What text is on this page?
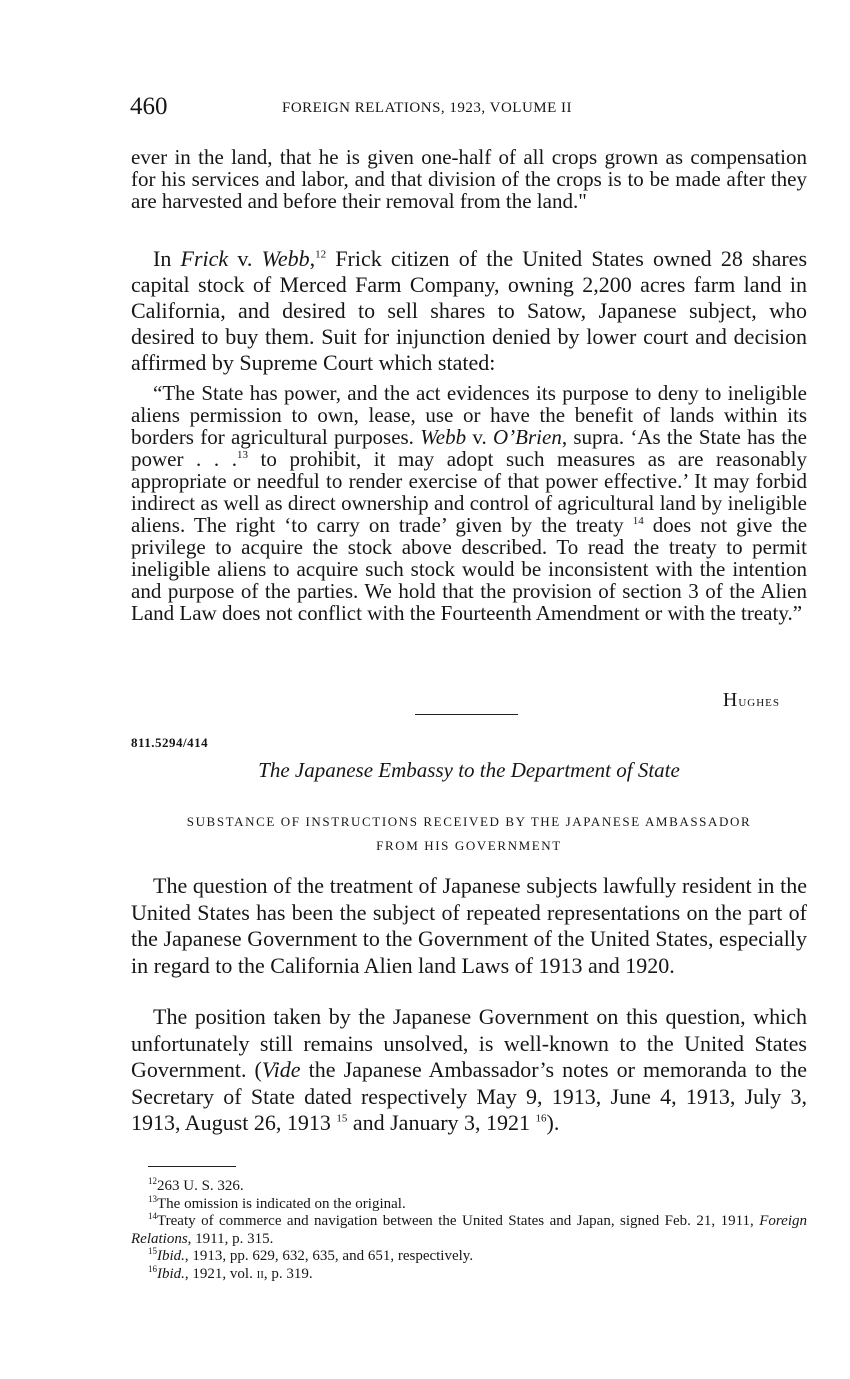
460	FOREIGN RELATIONS, 1923, VOLUME II

ever in the land, that he is given one-half of all crops grown as compensation for his services and labor, and that division of the crops is to be made after they are harvested and before their removal from the land."

In Frick v. Webb,$^{12}$ Frick citizen of the United States owned 28 shares capital stock of Merced Farm Company, owning 2,200 acres farm land in California, and desired to sell shares to Satow, Japanese subject, who desired to buy them. Suit for injunction denied by lower court and decision affirmed by Supreme Court which stated:

“The State has power, and the act evidences its purpose to deny to ineligible aliens permission to own, lease, use or have the benefit of lands within its borders for agricultural purposes. Webb v. O’Brien, supra. ‘As the State has the power . . .$^{13}$ to prohibit, it may adopt such measures as are reasonably appropriate or needful to render exercise of that power effective.’ It may forbid indirect as well as direct ownership and control of agricultural land by ineligible aliens. The right ‘to carry on trade’ given by the treaty $^{14}$ does not give the privilege to acquire the stock above described. To read the treaty to permit ineligible aliens to acquire such stock would be inconsistent with the intention and purpose of the parties. We hold that the provision of section 3 of the Alien Land Law does not conflict with the Fourteenth Amendment or with the treaty.”

Hughes
811.5294/414
The Japanese Embassy to the Department of State
SUBSTANCE OF INSTRUCTIONS RECEIVED BY THE JAPANESE AMBASSADOR
FROM HIS GOVERNMENT

The question of the treatment of Japanese subjects lawfully resident in the United States has been the subject of repeated representations on the part of the Japanese Government to the Government of the United States, especially in regard to the California Alien land Laws of 1913 and 1920.

The position taken by the Japanese Government on this question, which unfortunately still remains unsolved, is well-known to the United States Government. (Vide the Japanese Ambassador’s notes or memoranda to the Secretary of State dated respectively May 9, 1913, June 4, 1913, July 3, 1913, August 26, 1913 $^{15}$ and January 3, 1921 $^{16}$).

$^{12}$263 U. S. 326.

$^{13}$The omission is indicated on the original.

$^{14}$Treaty of commerce and navigation between the United States and Japan, signed Feb. 21, 1911, Foreign Relations, 1911, p. 315.

$^{15}$Ibid., 1913, pp. 629, 632, 635, and 651, respectively.

$^{16}$Ibid., 1921, vol. ii, p. 319.
